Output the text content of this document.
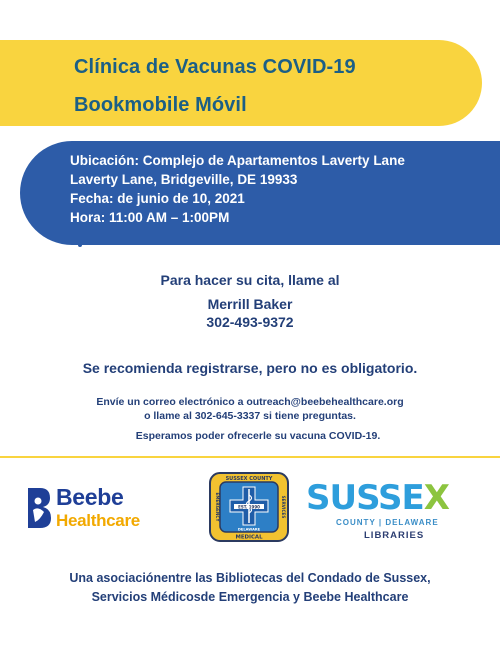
Clínica de Vacunas COVID-19
Bookmobile Móvil
Ubicación: Complejo de Apartamentos Laverty Lane
Laverty Lane, Bridgeville, DE 19933
Fecha: de junio de 10, 2021
Hora: 11:00 AM – 1:00PM
Para hacer su cita, llame al
Merrill Baker
302-493-9372
Se recomienda registrarse, pero no es obligatorio.
Envíe un correo electrónico a outreach@beebehealthcare.org
o llame al 302-645-3337 si tiene preguntas.
Esperamos poder ofrecerle su vacuna COVID-19.
Beebe
Healthcare
EST. 1990
SUSSEX COUNTY
EMERGENCY	SERVICES
DELAWARE
MEDICAL
SUSSEX
COUNTY | DELAWARE
LIBRARIES
Una asociaciónentre las Bibliotecas del Condado de Sussex,
Servicios Médicosde Emergencia y Beebe Healthcare
